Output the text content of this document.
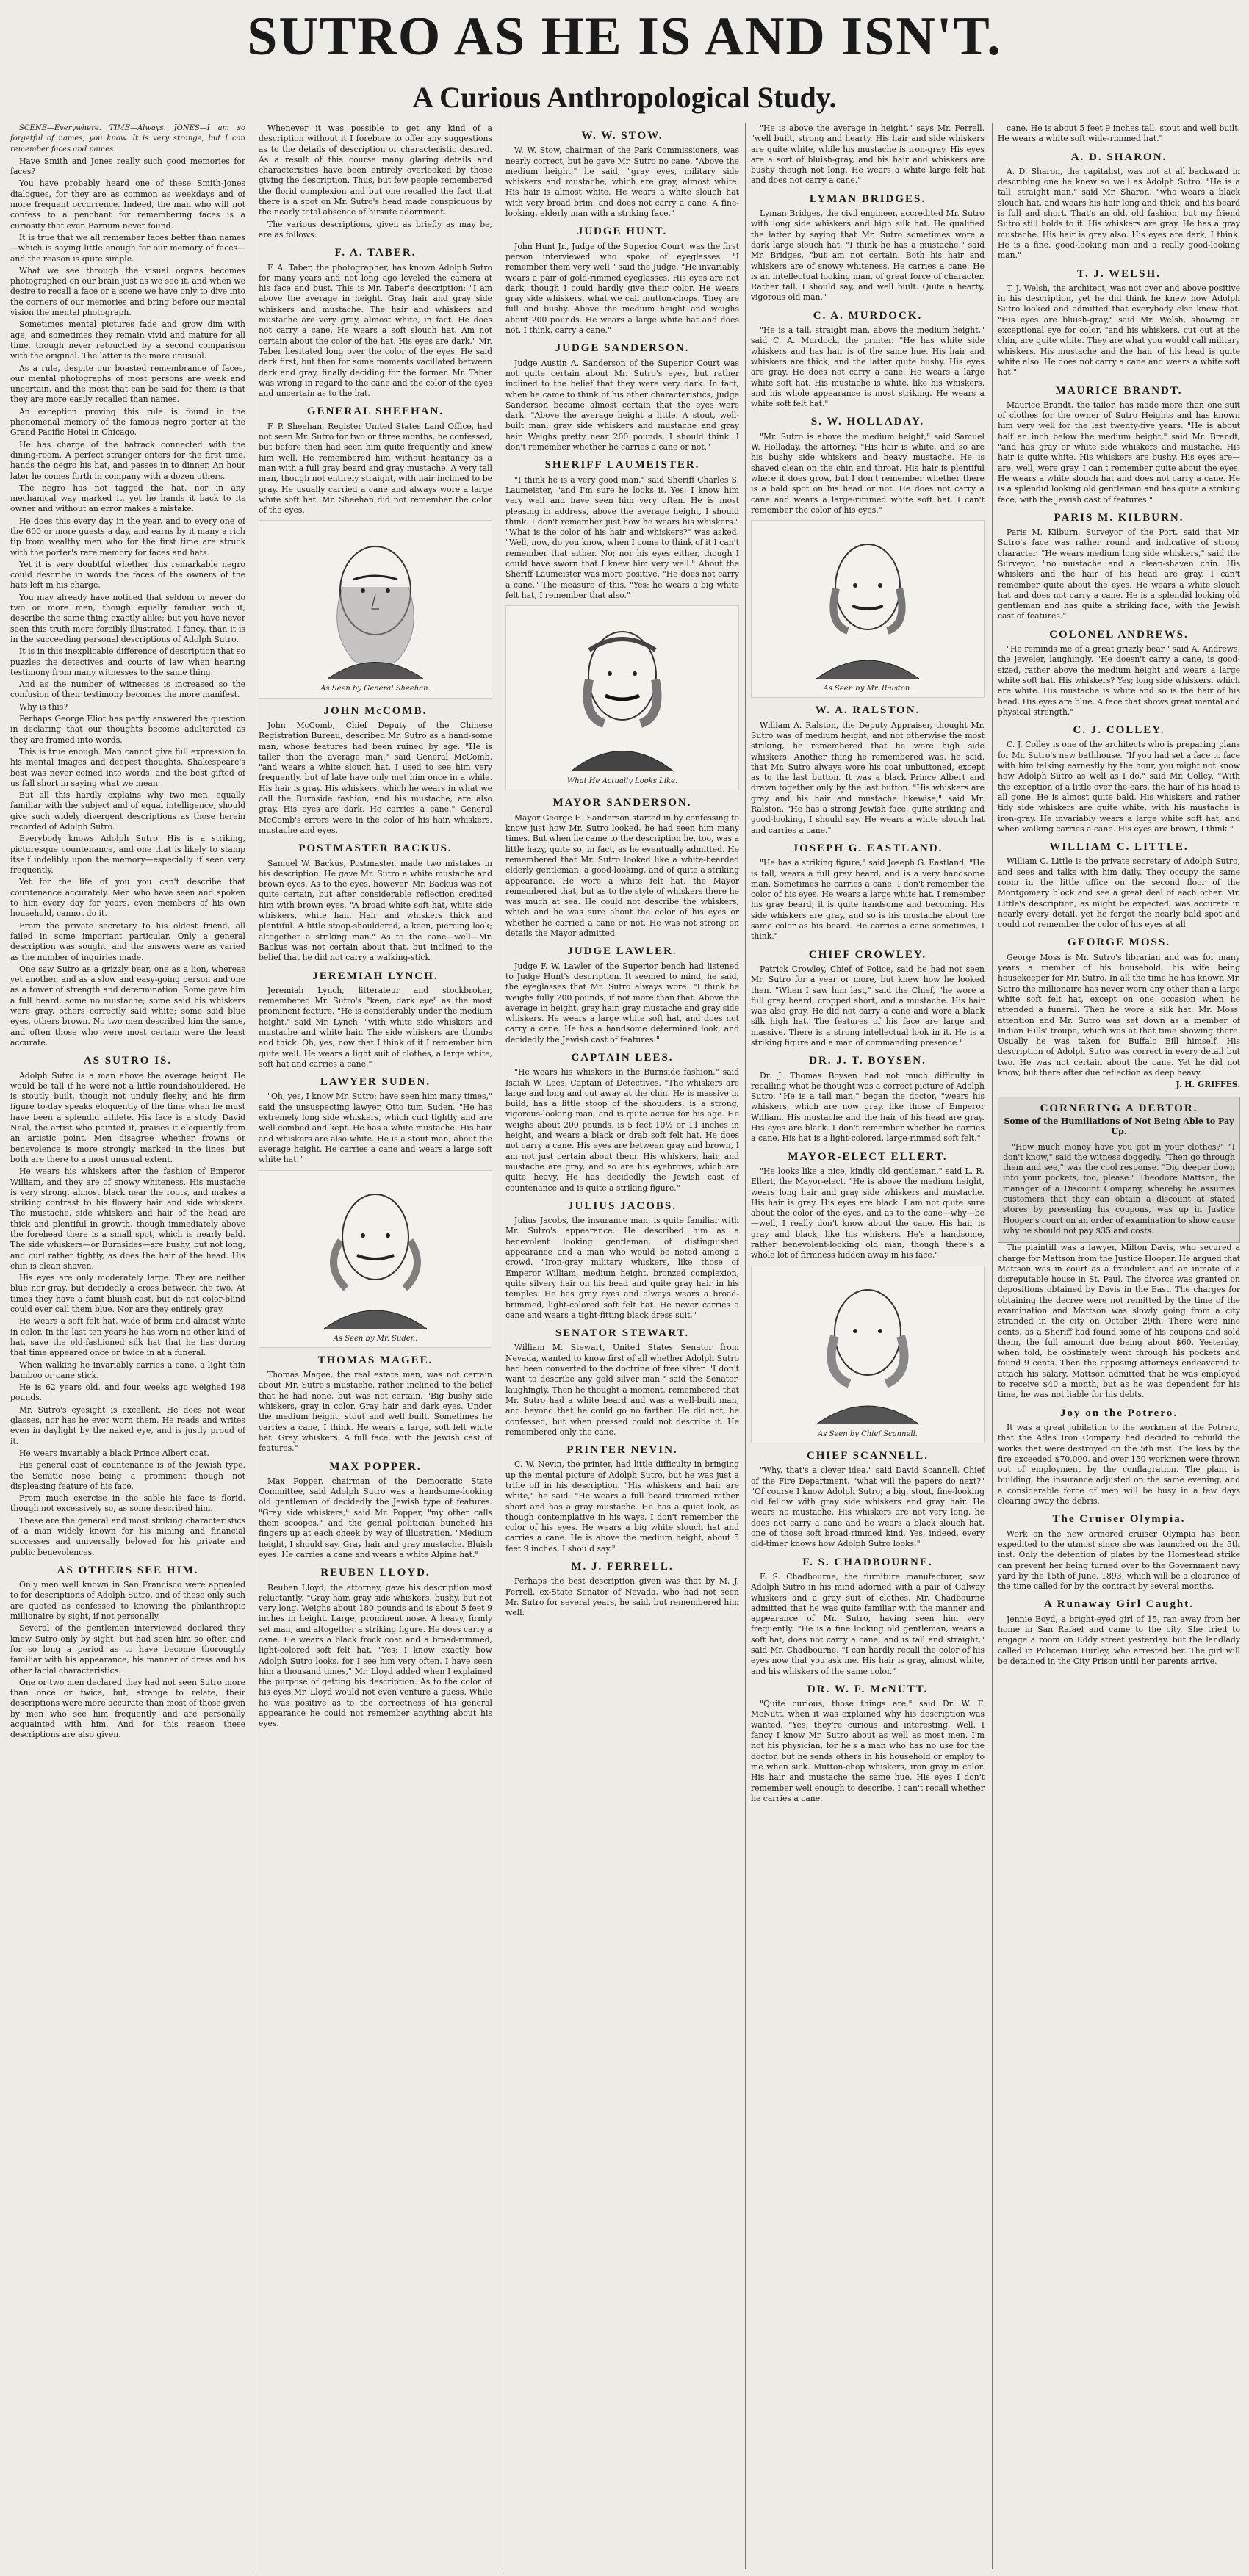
SUTRO AS HE IS AND ISN'T.
A Curious Anthropological Study.

SCENE—Everywhere. TIME—Always. JONES—I am so forgetful of names, you know. It is very strange, but I can remember faces and names.

Have Smith and Jones really such good memories for faces?

You have probably heard one of these Smith-Jones dialogues, for they are as common as weekdays and of more frequent occurrence. Indeed, the man who will not confess to a penchant for remembering faces is a curiosity that even Barnum never found.

It is true that we all remember faces better than names—which is saying little enough for our memory of faces—and the reason is quite simple.

What we see through the visual organs becomes photographed on our brain just as we see it, and when we desire to recall a face or a scene we have only to dive into the corners of our memories and bring before our mental vision the mental photograph.

Sometimes mental pictures fade and grow dim with age, and sometimes they remain vivid and mature for all time, though never retouched by a second comparison with the original. The latter is the more unusual.

As a rule, despite our boasted remembrance of faces, our mental photographs of most persons are weak and uncertain, and the most that can be said for them is that they are more easily recalled than names.

An exception proving this rule is found in the phenomenal memory of the famous negro porter at the Grand Pacific Hotel in Chicago.

He has charge of the hatrack connected with the dining-room. A perfect stranger enters for the first time, hands the negro his hat, and passes in to dinner. An hour later he comes forth in company with a dozen others.

The negro has not tagged the hat, nor in any mechanical way marked it, yet he hands it back to its owner and without an error makes a mistake.

He does this every day in the year, and to every one of the 600 or more guests a day, and earns by it many a rich tip from wealthy men who for the first time are struck with the porter's rare memory for faces and hats.

Yet it is very doubtful whether this remarkable negro could describe in words the faces of the owners of the hats left in his charge.

You may already have noticed that seldom or never do two or more men, though equally familiar with it, describe the same thing exactly alike; but you have never seen this truth more forcibly illustrated, I fancy, than it is in the succeeding personal descriptions of Adolph Sutro.

It is in this inexplicable difference of description that so puzzles the detectives and courts of law when hearing testimony from many witnesses to the same thing.

And as the number of witnesses is increased so the confusion of their testimony becomes the more manifest.

Why is this?

Perhaps George Eliot has partly answered the question in declaring that our thoughts become adulterated as they are framed into words.

This is true enough. Man cannot give full expression to his mental images and deepest thoughts. Shakespeare's best was never coined into words, and the best gifted of us fall short in saying what we mean.

But all this hardly explains why two men, equally familiar with the subject and of equal intelligence, should give such widely divergent descriptions as those herein recorded of Adolph Sutro.

Everybody knows Adolph Sutro. His is a striking, picturesque countenance, and one that is likely to stamp itself indelibly upon the memory—especially if seen very frequently.

Yet for the life of you you can't describe that countenance accurately. Men who have seen and spoken to him every day for years, even members of his own household, cannot do it.

From the private secretary to his oldest friend, all failed in some important particular. Only a general description was sought, and the answers were as varied as the number of inquiries made.

One saw Sutro as a grizzly bear, one as a lion, whereas yet another, and as a slow and easy-going person and one as a tower of strength and determination. Some gave him a full beard, some no mustache; some said his whiskers were gray, others correctly said white; some said blue eyes, others brown. No two men described him the same, and often those who were most certain were the least accurate.

AS SUTRO IS.

Adolph Sutro is a man above the average height. He would be tall if he were not a little roundshouldered. He is stoutly built, though not unduly fleshy, and his firm figure to-day speaks eloquently of the time when he must have been a splendid athlete. His face is a study. David Neal, the artist who painted it, praises it eloquently from an artistic point. Men disagree whether frowns or benevolence is more strongly marked in the lines, but both are there to a most unusual extent.

He wears his whiskers after the fashion of Emperor William, and they are of snowy whiteness. His mustache is very strong, almost black near the roots, and makes a striking contrast to his flowery hair and side whiskers. The mustache, side whiskers and hair of the head are thick and plentiful in growth, though immediately above the forehead there is a small spot, which is nearly bald. The side whiskers—or Burnsides—are bushy, but not long, and curl rather tightly, as does the hair of the head. His chin is clean shaven.

His eyes are only moderately large. They are neither blue nor gray, but decidedly a cross between the two. At times they have a faint bluish cast, but do not color-blind could ever call them blue. Nor are they entirely gray.

He wears a soft felt hat, wide of brim and almost white in color. In the last ten years he has worn no other kind of hat, save the old-fashioned silk hat that he has during that time appeared once or twice in at a funeral.

When walking he invariably carries a cane, a light thin bamboo or cane stick.

He is 62 years old, and four weeks ago weighed 198 pounds.

Mr. Sutro's eyesight is excellent. He does not wear glasses, nor has he ever worn them. He reads and writes even in daylight by the naked eye, and is justly proud of it.

He wears invariably a black Prince Albert coat.

His general cast of countenance is of the Jewish type, the Semitic nose being a prominent though not displeasing feature of his face.

From much exercise in the sable his face is florid, though not excessively so, as some described him.

These are the general and most striking characteristics of a man widely known for his mining and financial successes and universally beloved for his private and public benevolences.

AS OTHERS SEE HIM.

Only men well known in San Francisco were appealed to for descriptions of Adolph Sutro, and of these only such are quoted as confessed to knowing the philanthropic millionaire by sight, if not personally.

Several of the gentlemen interviewed declared they knew Sutro only by sight, but had seen him so often and for so long a period as to have become thoroughly familiar with his appearance, his manner of dress and his other facial characteristics.

One or two men declared they had not seen Sutro more than once or twice, but, strange to relate, their descriptions were more accurate than most of those given by men who see him frequently and are personally acquainted with him. And for this reason these descriptions are also given.

Whenever it was possible to get any kind of a description without it I forebore to offer any suggestions as to the details of description or characteristic desired. As a result of this course many glaring details and characteristics have been entirely overlooked by those giving the description. Thus, but few people remembered the florid complexion and but one recalled the fact that there is a spot on Mr. Sutro's head made conspicuous by the nearly total absence of hirsute adornment.

The various descriptions, given as briefly as may be, are as follows:

F. A. TABER.

F. A. Taber, the photographer, has known Adolph Sutro for many years and not long ago leveled the camera at his face and bust. This is Mr. Taber's description: "I am above the average in height. Gray hair and gray side whiskers and mustache. The hair and whiskers and mustache are very gray, almost white, in fact. He does not carry a cane. He wears a soft slouch hat. Am not certain about the color of the hat. His eyes are dark." Mr. Taber hesitated long over the color of the eyes. He said dark first, but then for some moments vacillated between dark and gray, finally deciding for the former. Mr. Taber was wrong in regard to the cane and the color of the eyes and uncertain as to the hat.

GENERAL SHEEHAN.

F. P. Sheehan, Register United States Land Office, had not seen Mr. Sutro for two or three months, he confessed, but before then had seen him quite frequently and knew him well. He remembered him without hesitancy as a man with a full gray beard and gray mustache. A very tall man, though not entirely straight, with hair inclined to be gray. He usually carried a cane and always wore a large white soft hat. Mr. Sheehan did not remember the color of the eyes.

As Seen by General Sheehan.
JOHN McCOMB.

John McComb, Chief Deputy of the Chinese Registration Bureau, described Mr. Sutro as a hand-some man, whose features had been ruined by age. "He is taller than the average man," said General McComb, "and wears a white slouch hat. I used to see him very frequently, but of late have only met him once in a while. His hair is gray. His whiskers, which he wears in what we call the Burnside fashion, and his mustache, are also gray. His eyes are dark. He carries a cane." General McComb's errors were in the color of his hair, whiskers, mustache and eyes.

POSTMASTER BACKUS.

Samuel W. Backus, Postmaster, made two mistakes in his description. He gave Mr. Sutro a white mustache and brown eyes. As to the eyes, however, Mr. Backus was not quite certain, but after considerable reflection credited him with brown eyes. "A broad white soft hat, white side whiskers, white hair. Hair and whiskers thick and plentiful. A little stoop-shouldered, a keen, piercing look; altogether a striking man." As to the cane—well—Mr. Backus was not certain about that, but inclined to the belief that he did not carry a walking-stick.

JEREMIAH LYNCH.

Jeremiah Lynch, litterateur and stockbroker, remembered Mr. Sutro's "keen, dark eye" as the most prominent feature. "He is considerably under the medium height," said Mr. Lynch, "with white side whiskers and mustache and white hair. The side whiskers are thumbs and thick. Oh, yes; now that I think of it I remember him quite well. He wears a light suit of clothes, a large white, soft hat and carries a cane."

LAWYER SUDEN.

"Oh, yes, I know Mr. Sutro; have seen him many times," said the unsuspecting lawyer, Otto tum Suden. "He has extremely long side whiskers, which curl tightly and are well combed and kept. He has a white mustache. His hair and whiskers are also white. He is a stout man, about the average height. He carries a cane and wears a large soft white hat."

As Seen by Mr. Suden.
THOMAS MAGEE.

Thomas Magee, the real estate man, was not certain about Mr. Sutro's mustache, rather inclined to the belief that he had none, but was not certain. "Big bushy side whiskers, gray in color. Gray hair and dark eyes. Under the medium height, stout and well built. Sometimes he carries a cane, I think. He wears a large, soft felt white hat. Gray whiskers. A full face, with the Jewish cast of features."

MAX POPPER.

Max Popper, chairman of the Democratic State Committee, said Adolph Sutro was a handsome-looking old gentleman of decidedly the Jewish type of features. "Gray side whiskers," said Mr. Popper, "my other calls them scoopes," and the genial politician bunched his fingers up at each cheek by way of illustration. "Medium height, I should say. Gray hair and gray mustache. Bluish eyes. He carries a cane and wears a white Alpine hat."

REUBEN LLOYD.

Reuben Lloyd, the attorney, gave his description most reluctantly. "Gray hair, gray side whiskers, bushy, but not very long. Weighs about 180 pounds and is about 5 feet 9 inches in height. Large, prominent nose. A heavy, firmly set man, and altogether a striking figure. He does carry a cane. He wears a black frock coat and a broad-rimmed, light-colored soft felt hat. "Yes; I know exactly how Adolph Sutro looks, for I see him very often. I have seen him a thousand times," Mr. Lloyd added when I explained the purpose of getting his description. As to the color of his eyes Mr. Lloyd would not even venture a guess. While he was positive as to the correctness of his general appearance he could not remember anything about his eyes.

W. W. STOW.

W. W. Stow, chairman of the Park Commissioners, was nearly correct, but he gave Mr. Sutro no cane. "Above the medium height," he said, "gray eyes, military side whiskers and mustache, which are gray, almost white. His hair is almost white. He wears a white slouch hat with very broad brim, and does not carry a cane. A fine-looking, elderly man with a striking face."

JUDGE HUNT.

John Hunt Jr., Judge of the Superior Court, was the first person interviewed who spoke of eyeglasses. "I remember them very well," said the Judge. "He invariably wears a pair of gold-rimmed eyeglasses. His eyes are not dark, though I could hardly give their color. He wears gray side whiskers, what we call mutton-chops. They are full and bushy. Above the medium height and weighs about 200 pounds. He wears a large white hat and does not, I think, carry a cane."

JUDGE SANDERSON.

Judge Austin A. Sanderson of the Superior Court was not quite certain about Mr. Sutro's eyes, but rather inclined to the belief that they were very dark. In fact, when he came to think of his other characteristics, Judge Sanderson became almost certain that the eyes were dark. "Above the average height a little. A stout, well-built man; gray side whiskers and mustache and gray hair. Weighs pretty near 200 pounds, I should think. I don't remember whether he carries a cane or not."

SHERIFF LAUMEISTER.

"I think he is a very good man," said Sheriff Charles S. Laumeister, "and I'm sure he looks it. Yes; I know him very well and have seen him very often. He is most pleasing in address, above the average height, I should think. I don't remember just how he wears his whiskers." "What is the color of his hair and whiskers?" was asked. "Well, now, do you know, when I come to think of it I can't remember that either. No; nor his eyes either, though I could have sworn that I knew him very well." About the Sheriff Laumeister was more positive. "He does not carry a cane." The measure of this. "Yes; he wears a big white felt hat, I remember that also."

What He Actually Looks Like.
MAYOR SANDERSON.

Mayor George H. Sanderson started in by confessing to know just how Mr. Sutro looked, he had seen him many times. But when he came to the description he, too, was a little hazy, quite so, in fact, as he eventually admitted. He remembered that Mr. Sutro looked like a white-bearded elderly gentleman, a good-looking, and of quite a striking appearance. He wore a white felt hat, the Mayor remembered that, but as to the style of whiskers there he was much at sea. He could not describe the whiskers, which and he was sure about the color of his eyes or whether he carried a cane or not. He was not strong on details the Mayor admitted.

JUDGE LAWLER.

Judge F. W. Lawler of the Superior bench had listened to Judge Hunt's description. It seemed to mind, he said, the eyeglasses that Mr. Sutro always wore. "I think he weighs fully 200 pounds, if not more than that. Above the average in height, gray hair, gray mustache and gray side whiskers. He wears a large white soft hat, and does not carry a cane. He has a handsome determined look, and decidedly the Jewish cast of features."

CAPTAIN LEES.

"He wears his whiskers in the Burnside fashion," said Isaiah W. Lees, Captain of Detectives. "The whiskers are large and long and cut away at the chin. He is massive in build, has a little stoop of the shoulders, is a strong, vigorous-looking man, and is quite active for his age. He weighs about 200 pounds, is 5 feet 10½ or 11 inches in height, and wears a black or drab soft felt hat. He does not carry a cane. His eyes are between gray and brown, I am not just certain about them. His whiskers, hair, and mustache are gray, and so are his eyebrows, which are quite heavy. He has decidedly the Jewish cast of countenance and is quite a striking figure."

JULIUS JACOBS.

Julius Jacobs, the insurance man, is quite familiar with Mr. Sutro's appearance. He described him as a benevolent looking gentleman, of distinguished appearance and a man who would be noted among a crowd. "Iron-gray military whiskers, like those of Emperor William, medium height, bronzed complexion, quite silvery hair on his head and quite gray hair in his temples. He has gray eyes and always wears a broad-brimmed, light-colored soft felt hat. He never carries a cane and wears a tight-fitting black dress suit."

SENATOR STEWART.

William M. Stewart, United States Senator from Nevada, wanted to know first of all whether Adolph Sutro had been converted to the doctrine of free silver. "I don't want to describe any gold silver man," said the Senator, laughingly. Then he thought a moment, remembered that Mr. Sutro had a white beard and was a well-built man, and beyond that he could go no farther. He did not, he confessed, but when pressed could not describe it. He remembered only the cane.

PRINTER NEVIN.

C. W. Nevin, the printer, had little difficulty in bringing up the mental picture of Adolph Sutro, but he was just a trifle off in his description. "His whiskers and hair are white," he said. "He wears a full beard trimmed rather short and has a gray mustache. He has a quiet look, as though contemplative in his ways. I don't remember the color of his eyes. He wears a big white slouch hat and carries a cane. He is above the medium height, about 5 feet 9 inches, I should say."

M. J. FERRELL.

Perhaps the best description given was that by M. J. Ferrell, ex-State Senator of Nevada, who had not seen Mr. Sutro for several years, he said, but remembered him well.

"He is above the average in height," says Mr. Ferrell, "well built, strong and hearty. His hair and side whiskers are quite white, while his mustache is iron-gray. His eyes are a sort of bluish-gray, and his hair and whiskers are bushy though not long. He wears a white large felt hat and does not carry a cane."

LYMAN BRIDGES.

Lyman Bridges, the civil engineer, accredited Mr. Sutro with long side whiskers and high silk hat. He qualified the latter by saying that Mr. Sutro sometimes wore a dark large slouch hat. "I think he has a mustache," said Mr. Bridges, "but am not certain. Both his hair and whiskers are of snowy whiteness. He carries a cane. He is an intellectual looking man, of great force of character. Rather tall, I should say, and well built. Quite a hearty, vigorous old man."

C. A. MURDOCK.

"He is a tall, straight man, above the medium height," said C. A. Murdock, the printer. "He has white side whiskers and has hair is of the same hue. His hair and whiskers are thick, and the latter quite bushy. His eyes are gray. He does not carry a cane. He wears a large white soft hat. His mustache is white, like his whiskers, and his whole appearance is most striking. He wears a white soft felt hat."

S. W. HOLLADAY.

"Mr. Sutro is above the medium height," said Samuel W. Holladay, the attorney. "His hair is white, and so are his bushy side whiskers and heavy mustache. He is shaved clean on the chin and throat. His hair is plentiful where it does grow, but I don't remember whether there is a bald spot on his head or not. He does not carry a cane and wears a large-rimmed white soft hat. I can't remember the color of his eyes."

As Seen by Mr. Ralston.
W. A. RALSTON.

William A. Ralston, the Deputy Appraiser, thought Mr. Sutro was of medium height, and not otherwise the most striking, he remembered that he wore high side whiskers. Another thing he remembered was, he said, that Mr. Sutro always wore his coat unbuttoned, except as to the last button. It was a black Prince Albert and drawn together only by the last button. "His whiskers are gray and his hair and mustache likewise," said Mr. Ralston. "He has a strong Jewish face, quite striking and good-looking, I should say. He wears a white slouch hat and carries a cane."

JOSEPH G. EASTLAND.

"He has a striking figure," said Joseph G. Eastland. "He is tall, wears a full gray beard, and is a very handsome man. Sometimes he carries a cane. I don't remember the color of his eyes. He wears a large white hat. I remember his gray beard; it is quite handsome and becoming. His side whiskers are gray, and so is his mustache about the same color as his beard. He carries a cane sometimes, I think."

CHIEF CROWLEY.

Patrick Crowley, Chief of Police, said he had not seen Mr. Sutro for a year or more, but knew how he looked then. "When I saw him last," said the Chief, "he wore a full gray beard, cropped short, and a mustache. His hair was also gray. He did not carry a cane and wore a black silk high hat. The features of his face are large and massive. There is a strong intellectual look in it. He is a striking figure and a man of commanding presence."

DR. J. T. BOYSEN.

Dr. J. Thomas Boysen had not much difficulty in recalling what he thought was a correct picture of Adolph Sutro. "He is a tall man," began the doctor, "wears his whiskers, which are now gray, like those of Emperor William. His mustache and the hair of his head are gray. His eyes are black. I don't remember whether he carries a cane. His hat is a light-colored, large-rimmed soft felt."

MAYOR-ELECT ELLERT.

"He looks like a nice, kindly old gentleman," said L. R. Ellert, the Mayor-elect. "He is above the medium height, wears long hair and gray side whiskers and mustache. His hair is gray. His eyes are black. I am not quite sure about the color of the eyes, and as to the cane—why—be—well, I really don't know about the cane. His hair is gray and black, like his whiskers. He's a handsome, rather benevolent-looking old man, though there's a whole lot of firmness hidden away in his face."

As Seen by Chief Scannell.
CHIEF SCANNELL.

"Why, that's a clever idea," said David Scannell, Chief of the Fire Department, "what will the papers do next?" "Of course I know Adolph Sutro; a big, stout, fine-looking old fellow with gray side whiskers and gray hair. He wears no mustache. His whiskers are not very long, he does not carry a cane and he wears a black slouch hat, one of those soft broad-rimmed kind. Yes, indeed, every old-timer knows how Adolph Sutro looks."

F. S. CHADBOURNE.

F. S. Chadbourne, the furniture manufacturer, saw Adolph Sutro in his mind adorned with a pair of Galway whiskers and a gray suit of clothes. Mr. Chadbourne admitted that he was quite familiar with the manner and appearance of Mr. Sutro, having seen him very frequently. "He is a fine looking old gentleman, wears a soft hat, does not carry a cane, and is tall and straight," said Mr. Chadbourne. "I can hardly recall the color of his eyes now that you ask me. His hair is gray, almost white, and his whiskers of the same color."

DR. W. F. McNUTT.

"Quite curious, those things are," said Dr. W. F. McNutt, when it was explained why his description was wanted. "Yes; they're curious and interesting. Well, I fancy I know Mr. Sutro about as well as most men. I'm not his physician, for he's a man who has no use for the doctor, but he sends others in his household or employ to me when sick. Mutton-chop whiskers, iron gray in color. His hair and mustache the same hue. His eyes I don't remember well enough to describe. I can't recall whether he carries a cane.

cane. He is about 5 feet 9 inches tall, stout and well built. He wears a white soft wide-rimmed hat."

A. D. SHARON.

A. D. Sharon, the capitalist, was not at all backward in describing one he knew so well as Adolph Sutro. "He is a tall, straight man," said Mr. Sharon, "who wears a black slouch hat, and wears his hair long and thick, and his beard is full and short. That's an old, old fashion, but my friend Sutro still holds to it. His whiskers are gray. He has a gray mustache. His hair is gray also. His eyes are dark, I think. He is a fine, good-looking man and a really good-looking man."

T. J. WELSH.

T. J. Welsh, the architect, was not over and above positive in his description, yet he did think he knew how Adolph Sutro looked and admitted that everybody else knew that. "His eyes are bluish-gray," said Mr. Welsh, showing an exceptional eye for color, "and his whiskers, cut out at the chin, are quite white. They are what you would call military whiskers. His mustache and the hair of his head is quite white also. He does not carry a cane and wears a white soft hat."

MAURICE BRANDT.

Maurice Brandt, the tailor, has made more than one suit of clothes for the owner of Sutro Heights and has known him very well for the last twenty-five years. "He is about half an inch below the medium height," said Mr. Brandt, "and has gray or white side whiskers and mustache. His hair is quite white. His whiskers are bushy. His eyes are—are, well, were gray. I can't remember quite about the eyes. He wears a white slouch hat and does not carry a cane. He is a splendid looking old gentleman and has quite a striking face, with the Jewish cast of features."

PARIS M. KILBURN.

Paris M. Kilburn, Surveyor of the Port, said that Mr. Sutro's face was rather round and indicative of strong character. "He wears medium long side whiskers," said the Surveyor, "no mustache and a clean-shaven chin. His whiskers and the hair of his head are gray. I can't remember quite about the eyes. He wears a white slouch hat and does not carry a cane. He is a splendid looking old gentleman and has quite a striking face, with the Jewish cast of features."

COLONEL ANDREWS.

"He reminds me of a great grizzly bear," said A. Andrews, the jeweler, laughingly. "He doesn't carry a cane, is good-sized, rather above the medium height and wears a large white soft hat. His whiskers? Yes; long side whiskers, which are white. His mustache is white and so is the hair of his head. His eyes are blue. A face that shows great mental and physical strength."

C. J. COLLEY.

C. J. Colley is one of the architects who is preparing plans for Mr. Sutro's new bathhouse. "If you had set a face to face with him talking earnestly by the hour, you might not know how Adolph Sutro as well as I do," said Mr. Colley. "With the exception of a little over the ears, the hair of his head is all gone. He is almost quite bald. His whiskers and rather tidy side whiskers are quite white, with his mustache is iron-gray. He invariably wears a large white soft hat, and when walking carries a cane. His eyes are brown, I think."

WILLIAM C. LITTLE.

William C. Little is the private secretary of Adolph Sutro, and sees and talks with him daily. They occupy the same room in the little office on the second floor of the Montgomery block and see a great deal of each other. Mr. Little's description, as might be expected, was accurate in nearly every detail, yet he forgot the nearly bald spot and could not remember the color of his eyes at all.

GEORGE MOSS.

George Moss is Mr. Sutro's librarian and was for many years a member of his household, his wife being housekeeper for Mr. Sutro. In all the time he has known Mr. Sutro the millionaire has never worn any other than a large white soft felt hat, except on one occasion when he attended a funeral. Then he wore a silk hat. Mr. Moss' attention and Mr. Sutro was set down as a member of Indian Hills' troupe, which was at that time showing there. Usually he was taken for Buffalo Bill himself. His description of Adolph Sutro was correct in every detail but two. He was not certain about the cane. Yet he did not know, but there after due reflection as deep heavy.

J. H. GRIFFES.

CORNERING A DEBTOR.
Some of the Humiliations of Not Being Able to Pay Up.

"How much money have you got in your clothes?" "I don't know," said the witness doggedly. "Then go through them and see," was the cool response. "Dig deeper down into your pockets, too, please." Theodore Mattson, the manager of a Discount Company, whereby he assumes customers that they can obtain a discount at stated stores by presenting his coupons, was up in Justice Hooper's court on an order of examination to show cause why he should not pay $35 and costs.

The plaintiff was a lawyer, Milton Davis, who secured a charge for Mattson from the Justice Hooper. He argued that Mattson was in court as a fraudulent and an inmate of a disreputable house in St. Paul. The divorce was granted on depositions obtained by Davis in the East. The charges for obtaining the decree were not remitted by the time of the examination and Mattson was slowly going from a city stranded in the city on October 29th. There were nine cents, as a Sheriff had found some of his coupons and sold them, the full amount due being about $60. Yesterday, when told, he obstinately went through his pockets and found 9 cents. Then the opposing attorneys endeavored to attach his salary. Mattson admitted that he was employed to receive $40 a month, but as he was dependent for his time, he was not liable for his debts.

Joy on the Potrero.

It was a great jubilation to the workmen at the Potrero, that the Atlas Iron Company had decided to rebuild the works that were destroyed on the 5th inst. The loss by the fire exceeded $70,000, and over 150 workmen were thrown out of employment by the conflagration. The plant is building, the insurance adjusted on the same evening, and a considerable force of men will be busy in a few days clearing away the debris.

The Cruiser Olympia.

Work on the new armored cruiser Olympia has been expedited to the utmost since she was launched on the 5th inst. Only the detention of plates by the Homestead strike can prevent her being turned over to the Government navy yard by the 15th of June, 1893, which will be a clearance of the time called for by the contract by several months.

A Runaway Girl Caught.

Jennie Boyd, a bright-eyed girl of 15, ran away from her home in San Rafael and came to the city. She tried to engage a room on Eddy street yesterday, but the landlady called in Policeman Hurley, who arrested her. The girl will be detained in the City Prison until her parents arrive.
